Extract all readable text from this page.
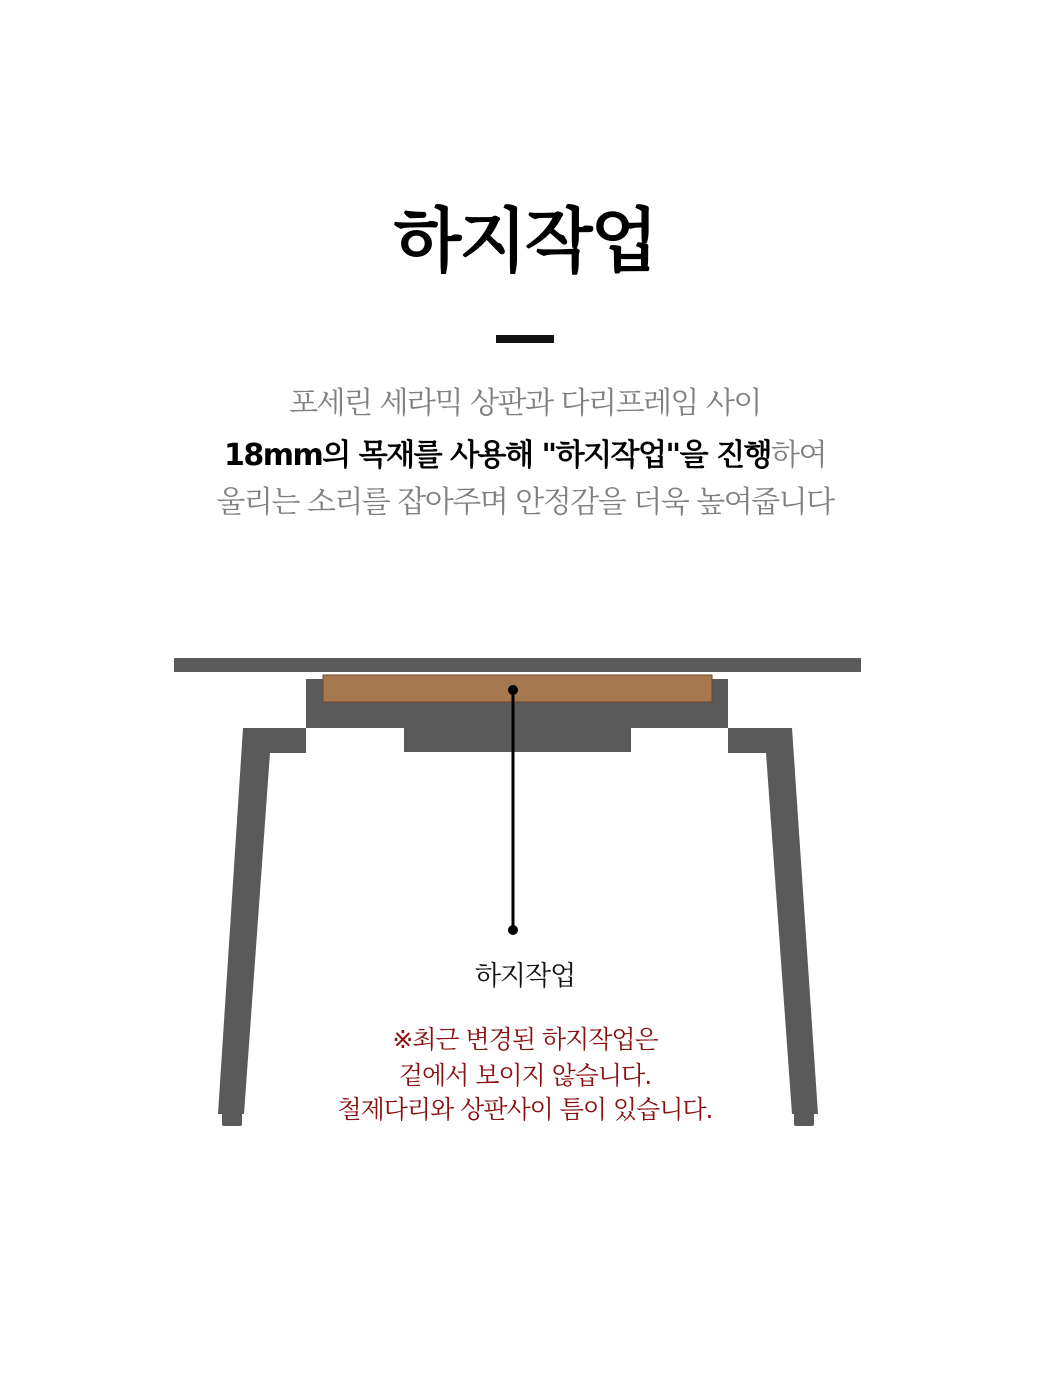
하지작업
포세린 세라믹 상판과 다리프레임 사이
18mm의 목재를 사용해 "하지작업"을 진행하여
울리는 소리를 잡아주며 안정감을 더욱 높여줍니다
하지작업
※최근 변경된 하지작업은
겉에서 보이지 않습니다.
철제다리와 상판사이 틈이 있습니다.
